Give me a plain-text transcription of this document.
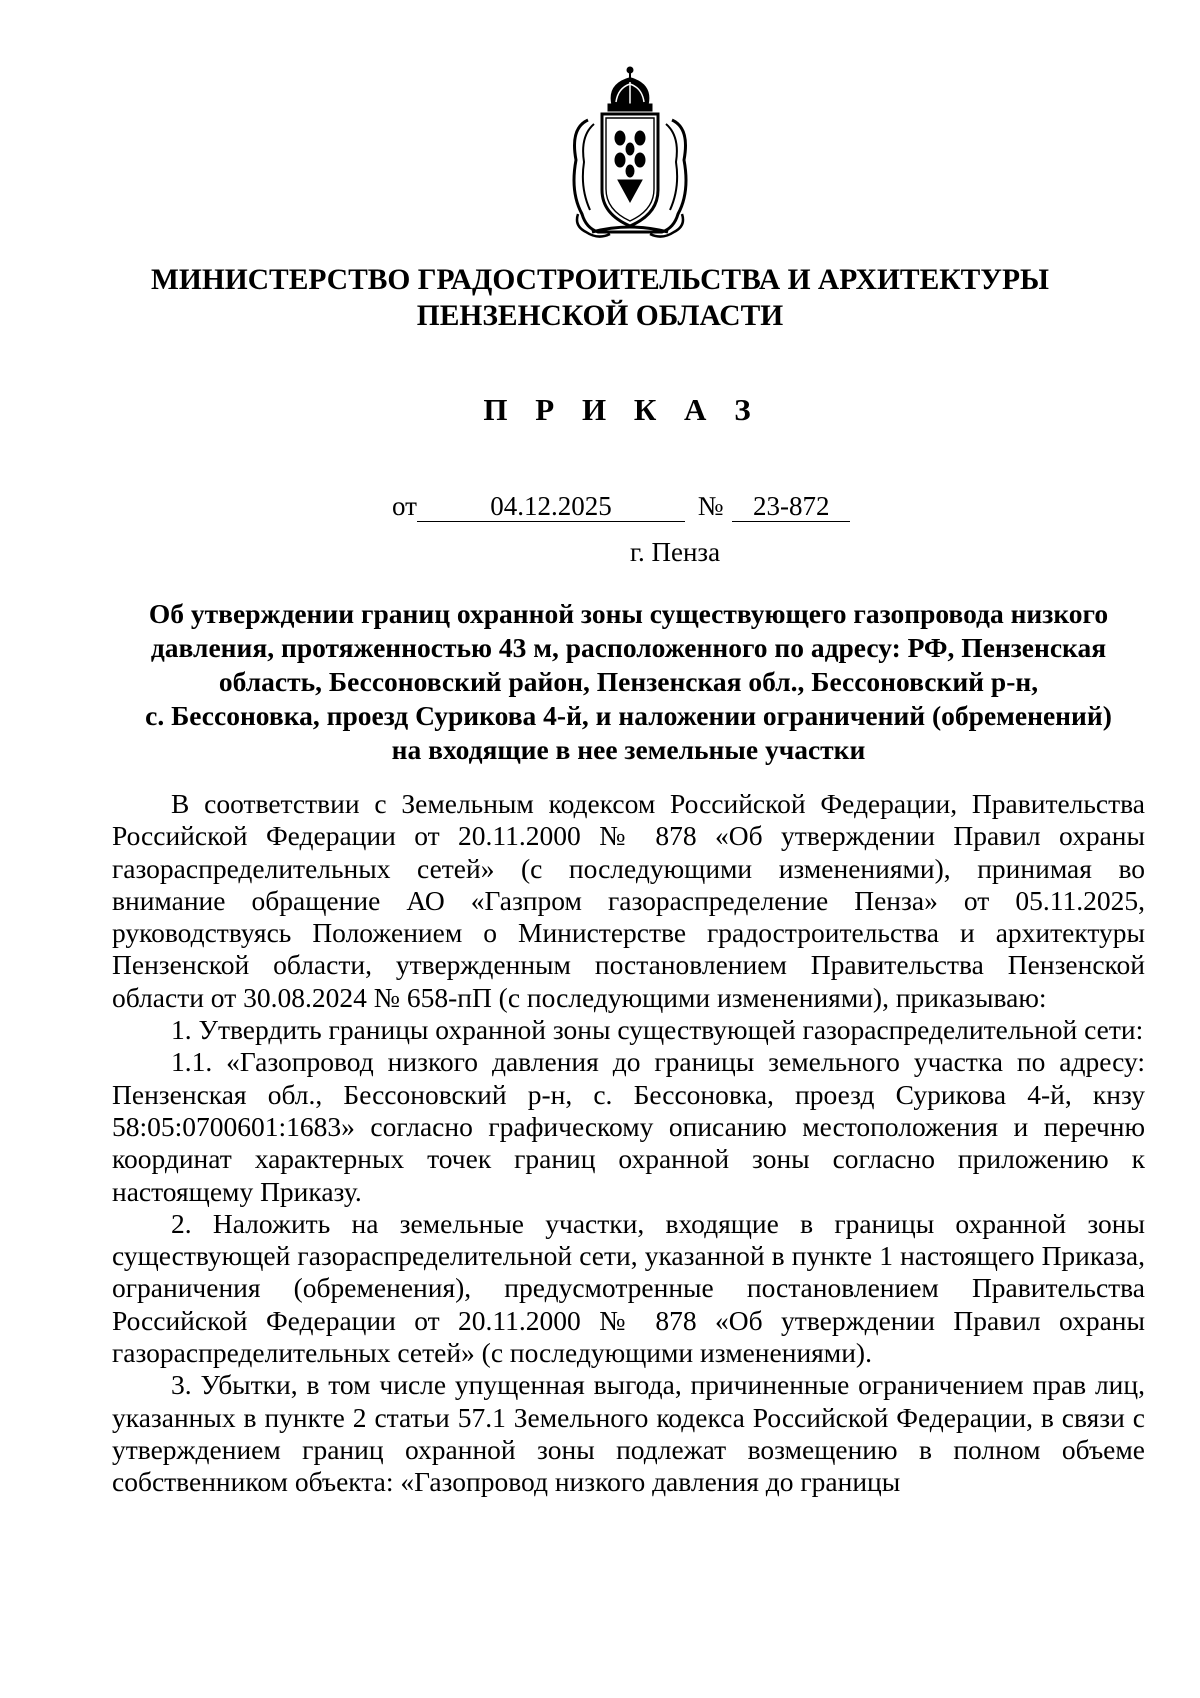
МИНИСТЕРСТВО ГРАДОСТРОИТЕЛЬСТВА И АРХИТЕКТУРЫ
ПЕНЗЕНСКОЙ ОБЛАСТИ
П Р И К А З
от	04.12.2025	№ 23-872
г. Пенза
Об утверждении границ охранной зоны существующего газопровода низкого
давления, протяженностью 43 м, расположенного по адресу: РФ, Пензенская
область, Бессоновский район, Пензенская обл., Бессоновский р-н,
с. Бессоновка, проезд Сурикова 4-й, и наложении ограничений (обременений)
на входящие в нее земельные участки

В соответствии с Земельным кодексом Российской Федерации, Правительства Российской Федерации от 20.11.2000 № 878 «Об утверждении Правил охраны газораспределительных сетей» (с последующими изменениями), принимая во внимание обращение АО «Газпром газораспределение Пенза» от 05.11.2025, руководствуясь Положением о Министерстве градостроительства и архитектуры Пензенской области, утвержденным постановлением Правительства Пензенской области от 30.08.2024 № 658-пП (с последующими изменениями), приказываю:

1. Утвердить границы охранной зоны существующей газораспределительной сети:

1.1. «Газопровод низкого давления до границы земельного участка по адресу: Пензенская обл., Бессоновский р-н, с. Бессоновка, проезд Сурикова 4-й, кнзу 58:05:0700601:1683» согласно графическому описанию местоположения и перечню координат характерных точек границ охранной зоны согласно приложению к настоящему Приказу.

2. Наложить на земельные участки, входящие в границы охранной зоны существующей газораспределительной сети, указанной в пункте 1 настоящего Приказа, ограничения (обременения), предусмотренные постановлением Правительства Российской Федерации от 20.11.2000 № 878 «Об утверждении Правил охраны газораспределительных сетей» (с последующими изменениями).

3. Убытки, в том числе упущенная выгода, причиненные ограничением прав лиц, указанных в пункте 2 статьи 57.1 Земельного кодекса Российской Федерации, в связи с утверждением границ охранной зоны подлежат возмещению в полном объеме собственником объекта: «Газопровод низкого давления до границы
